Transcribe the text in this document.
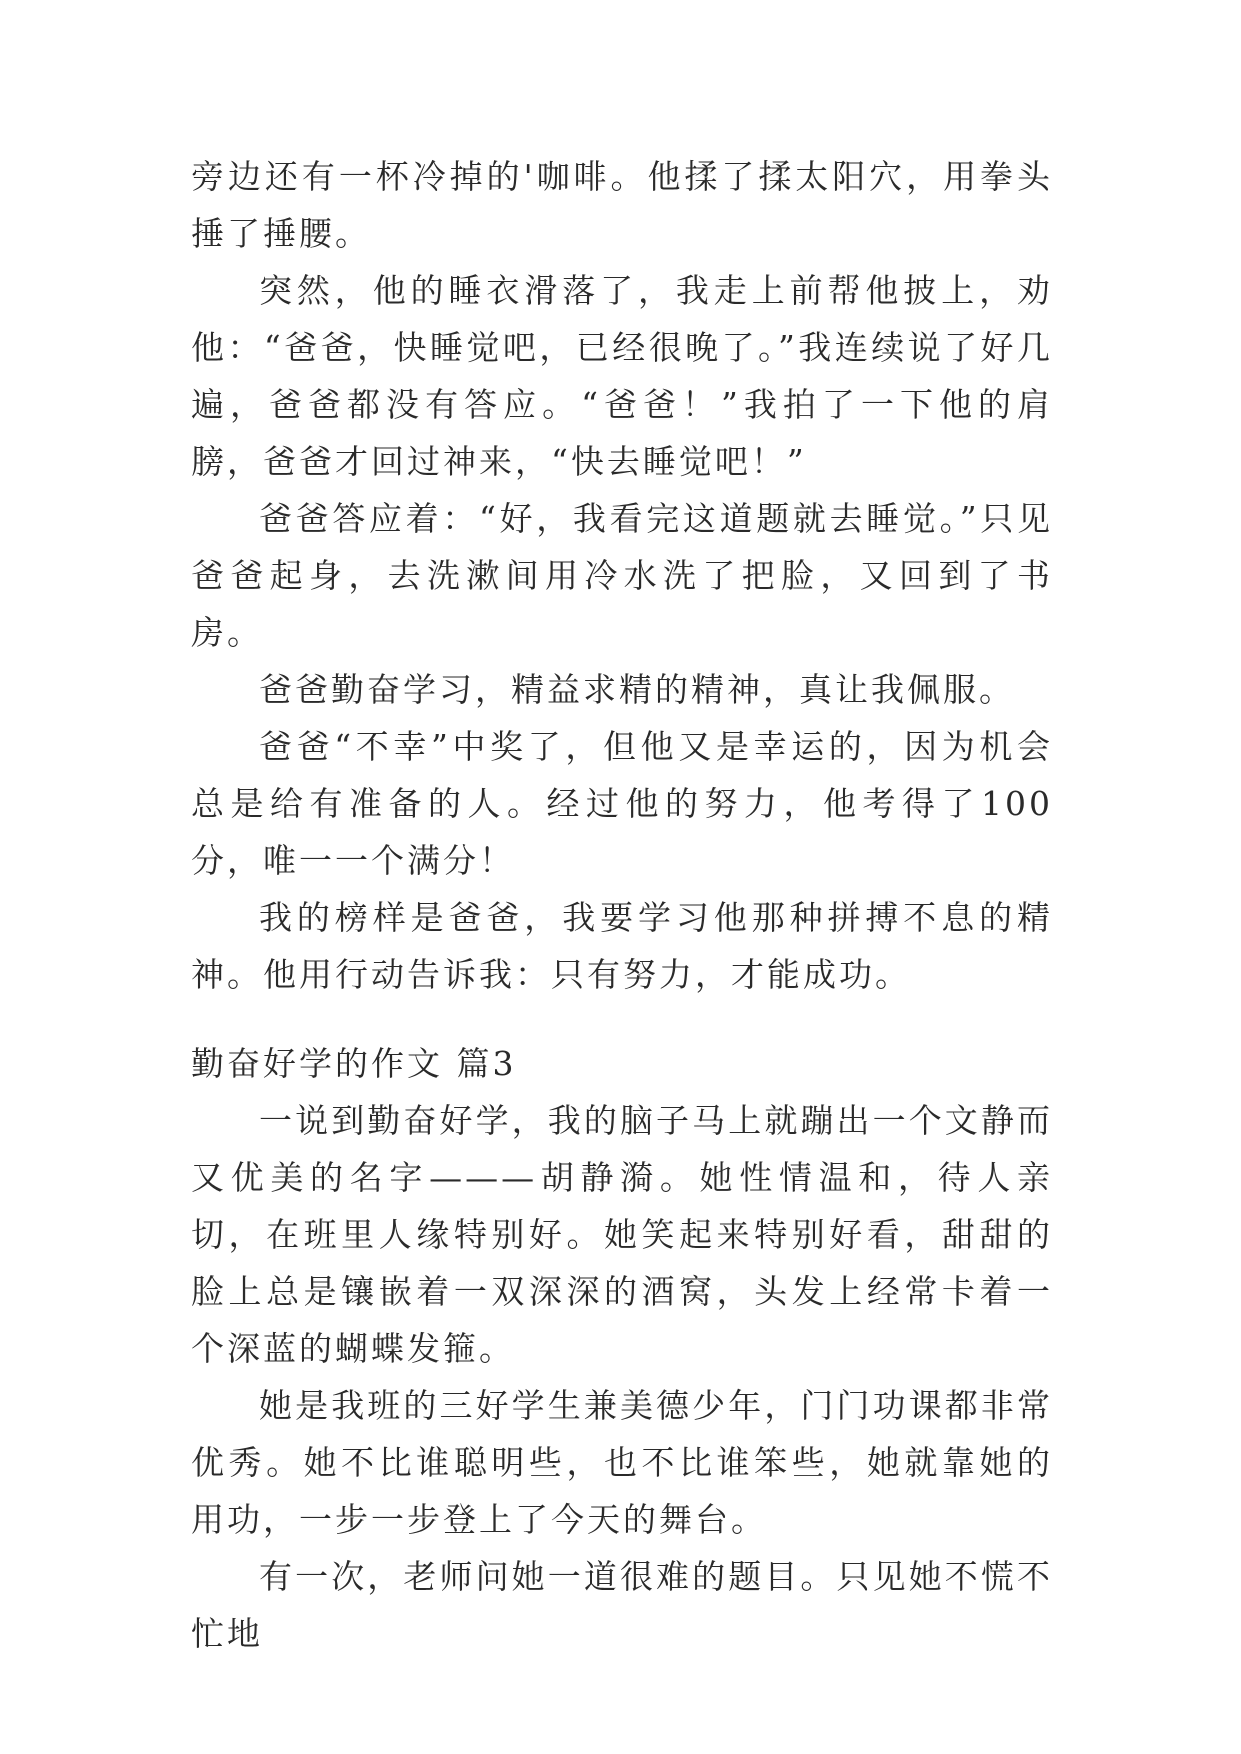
旁边还有一杯冷掉的'咖啡。他揉了揉太阳穴，用拳头捶了捶腰。

突然，他的睡衣滑落了，我走上前帮他披上，劝他：“爸爸，快睡觉吧，已经很晚了。”我连续说了好几遍，爸爸都没有答应。“爸爸！”我拍了一下他的肩膀，爸爸才回过神来，“快去睡觉吧！”

爸爸答应着：“好，我看完这道题就去睡觉。”只见爸爸起身，去洗漱间用冷水洗了把脸，又回到了书房。

爸爸勤奋学习，精益求精的精神，真让我佩服。

爸爸“不幸”中奖了，但他又是幸运的，因为机会总是给有准备的人。经过他的努力，他考得了100分，唯一一个满分！

我的榜样是爸爸，我要学习他那种拼搏不息的精神。他用行动告诉我：只有努力，才能成功。

勤奋好学的作文 篇3

一说到勤奋好学，我的脑子马上就蹦出一个文静而又优美的名字———胡静漪。她性情温和，待人亲切，在班里人缘特别好。她笑起来特别好看，甜甜的脸上总是镶嵌着一双深深的酒窝，头发上经常卡着一个深蓝的蝴蝶发箍。

她是我班的三好学生兼美德少年，门门功课都非常优秀。她不比谁聪明些，也不比谁笨些，她就靠她的用功，一步一步登上了今天的舞台。

有一次，老师问她一道很难的题目。只见她不慌不忙地
